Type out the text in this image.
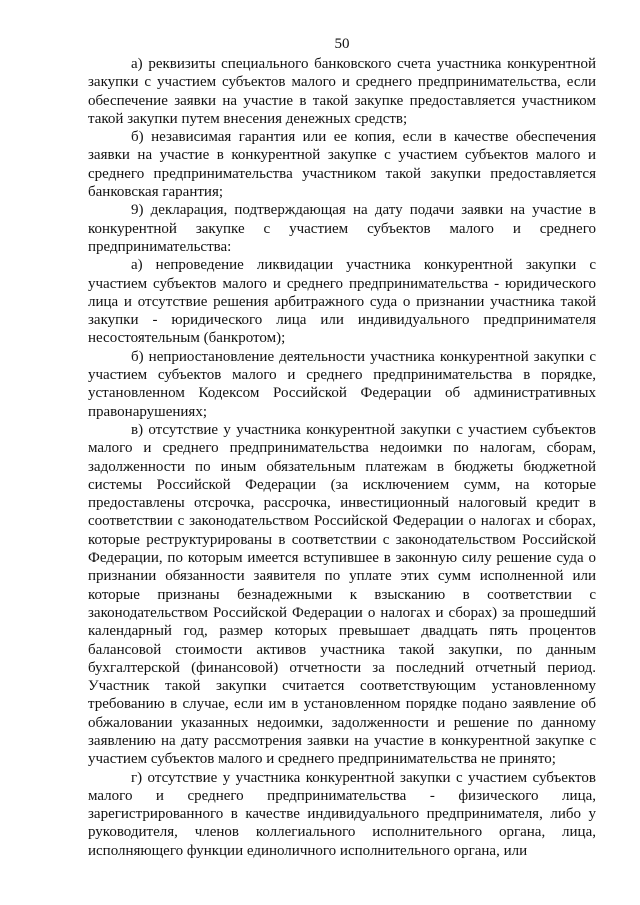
50

а) реквизиты специального банковского счета участника конкурентной закупки с участием субъектов малого и среднего предпринимательства, если обеспечение заявки на участие в такой закупке предоставляется участником такой закупки путем внесения денежных средств;

б) независимая гарантия или ее копия, если в качестве обеспечения заявки на участие в конкурентной закупке с участием субъектов малого и среднего предпринимательства участником такой закупки предоставляется банковская гарантия;

9) декларация, подтверждающая на дату подачи заявки на участие в конкурентной закупке с участием субъектов малого и среднего предпринимательства:

а) непроведение ликвидации участника конкурентной закупки с участием субъектов малого и среднего предпринимательства - юридического лица и отсутствие решения арбитражного суда о признании участника такой закупки - юридического лица или индивидуального предпринимателя несостоятельным (банкротом);

б) неприостановление деятельности участника конкурентной закупки с участием субъектов малого и среднего предпринимательства в порядке, установленном Кодексом Российской Федерации об административных правонарушениях;

в) отсутствие у участника конкурентной закупки с участием субъектов малого и среднего предпринимательства недоимки по налогам, сборам, задолженности по иным обязательным платежам в бюджеты бюджетной системы Российской Федерации (за исключением сумм, на которые предоставлены отсрочка, рассрочка, инвестиционный налоговый кредит в соответствии с законодательством Российской Федерации о налогах и сборах, которые реструктурированы в соответствии с законодательством Российской Федерации, по которым имеется вступившее в законную силу решение суда о признании обязанности заявителя по уплате этих сумм исполненной или которые признаны безнадежными к взысканию в соответствии с законодательством Российской Федерации о налогах и сборах) за прошедший календарный год, размер которых превышает двадцать пять процентов балансовой стоимости активов участника такой закупки, по данным бухгалтерской (финансовой) отчетности за последний отчетный период. Участник такой закупки считается соответствующим установленному требованию в случае, если им в установленном порядке подано заявление об обжаловании указанных недоимки, задолженности и решение по данному заявлению на дату рассмотрения заявки на участие в конкурентной закупке с участием субъектов малого и среднего предпринимательства не принято;

г) отсутствие у участника конкурентной закупки с участием субъектов малого и среднего предпринимательства - физического лица, зарегистрированного в качестве индивидуального предпринимателя, либо у руководителя, членов коллегиального исполнительного органа, лица, исполняющего функции единоличного исполнительного органа, или
